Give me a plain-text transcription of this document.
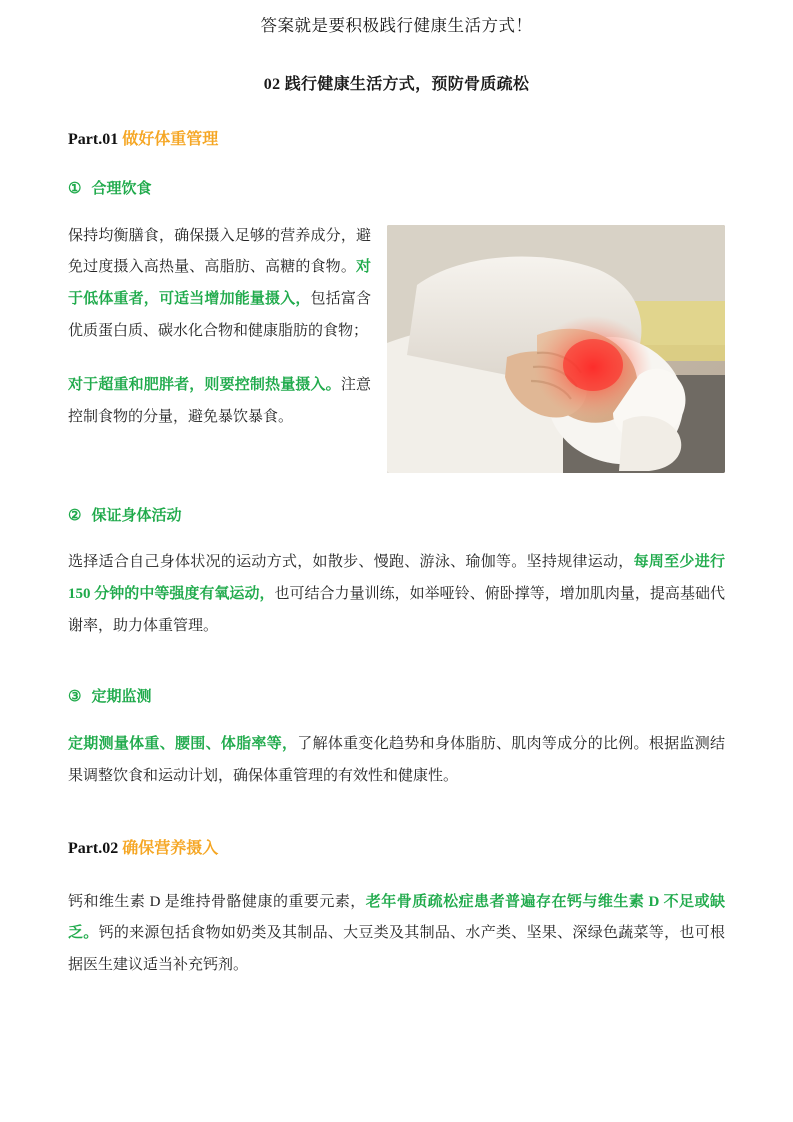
答案就是要积极践行健康生活方式！
02 践行健康生活方式，预防骨质疏松
Part.01 做好体重管理
① 合理饮食

保持均衡膳食，确保摄入足够的营养成分，避免过度摄入高热量、高脂肪、高糖的食物。对于低体重者，可适当增加能量摄入，包括富含优质蛋白质、碳水化合物和健康脂肪的食物；

对于超重和肥胖者，则要控制热量摄入。注意控制食物的分量，避免暴饮暴食。

② 保证身体活动

选择适合自己身体状况的运动方式，如散步、慢跑、游泳、瑜伽等。坚持规律运动，每周至少进行 150 分钟的中等强度有氧运动，也可结合力量训练，如举哑铃、俯卧撑等，增加肌肉量，提高基础代谢率，助力体重管理。

③ 定期监测

定期测量体重、腰围、体脂率等，了解体重变化趋势和身体脂肪、肌肉等成分的比例。根据监测结果调整饮食和运动计划，确保体重管理的有效性和健康性。

Part.02 确保营养摄入

钙和维生素 D 是维持骨骼健康的重要元素，老年骨质疏松症患者普遍存在钙与维生素 D 不足或缺乏。钙的来源包括食物如奶类及其制品、大豆类及其制品、水产类、坚果、深绿色蔬菜等，也可根据医生建议适当补充钙剂。
